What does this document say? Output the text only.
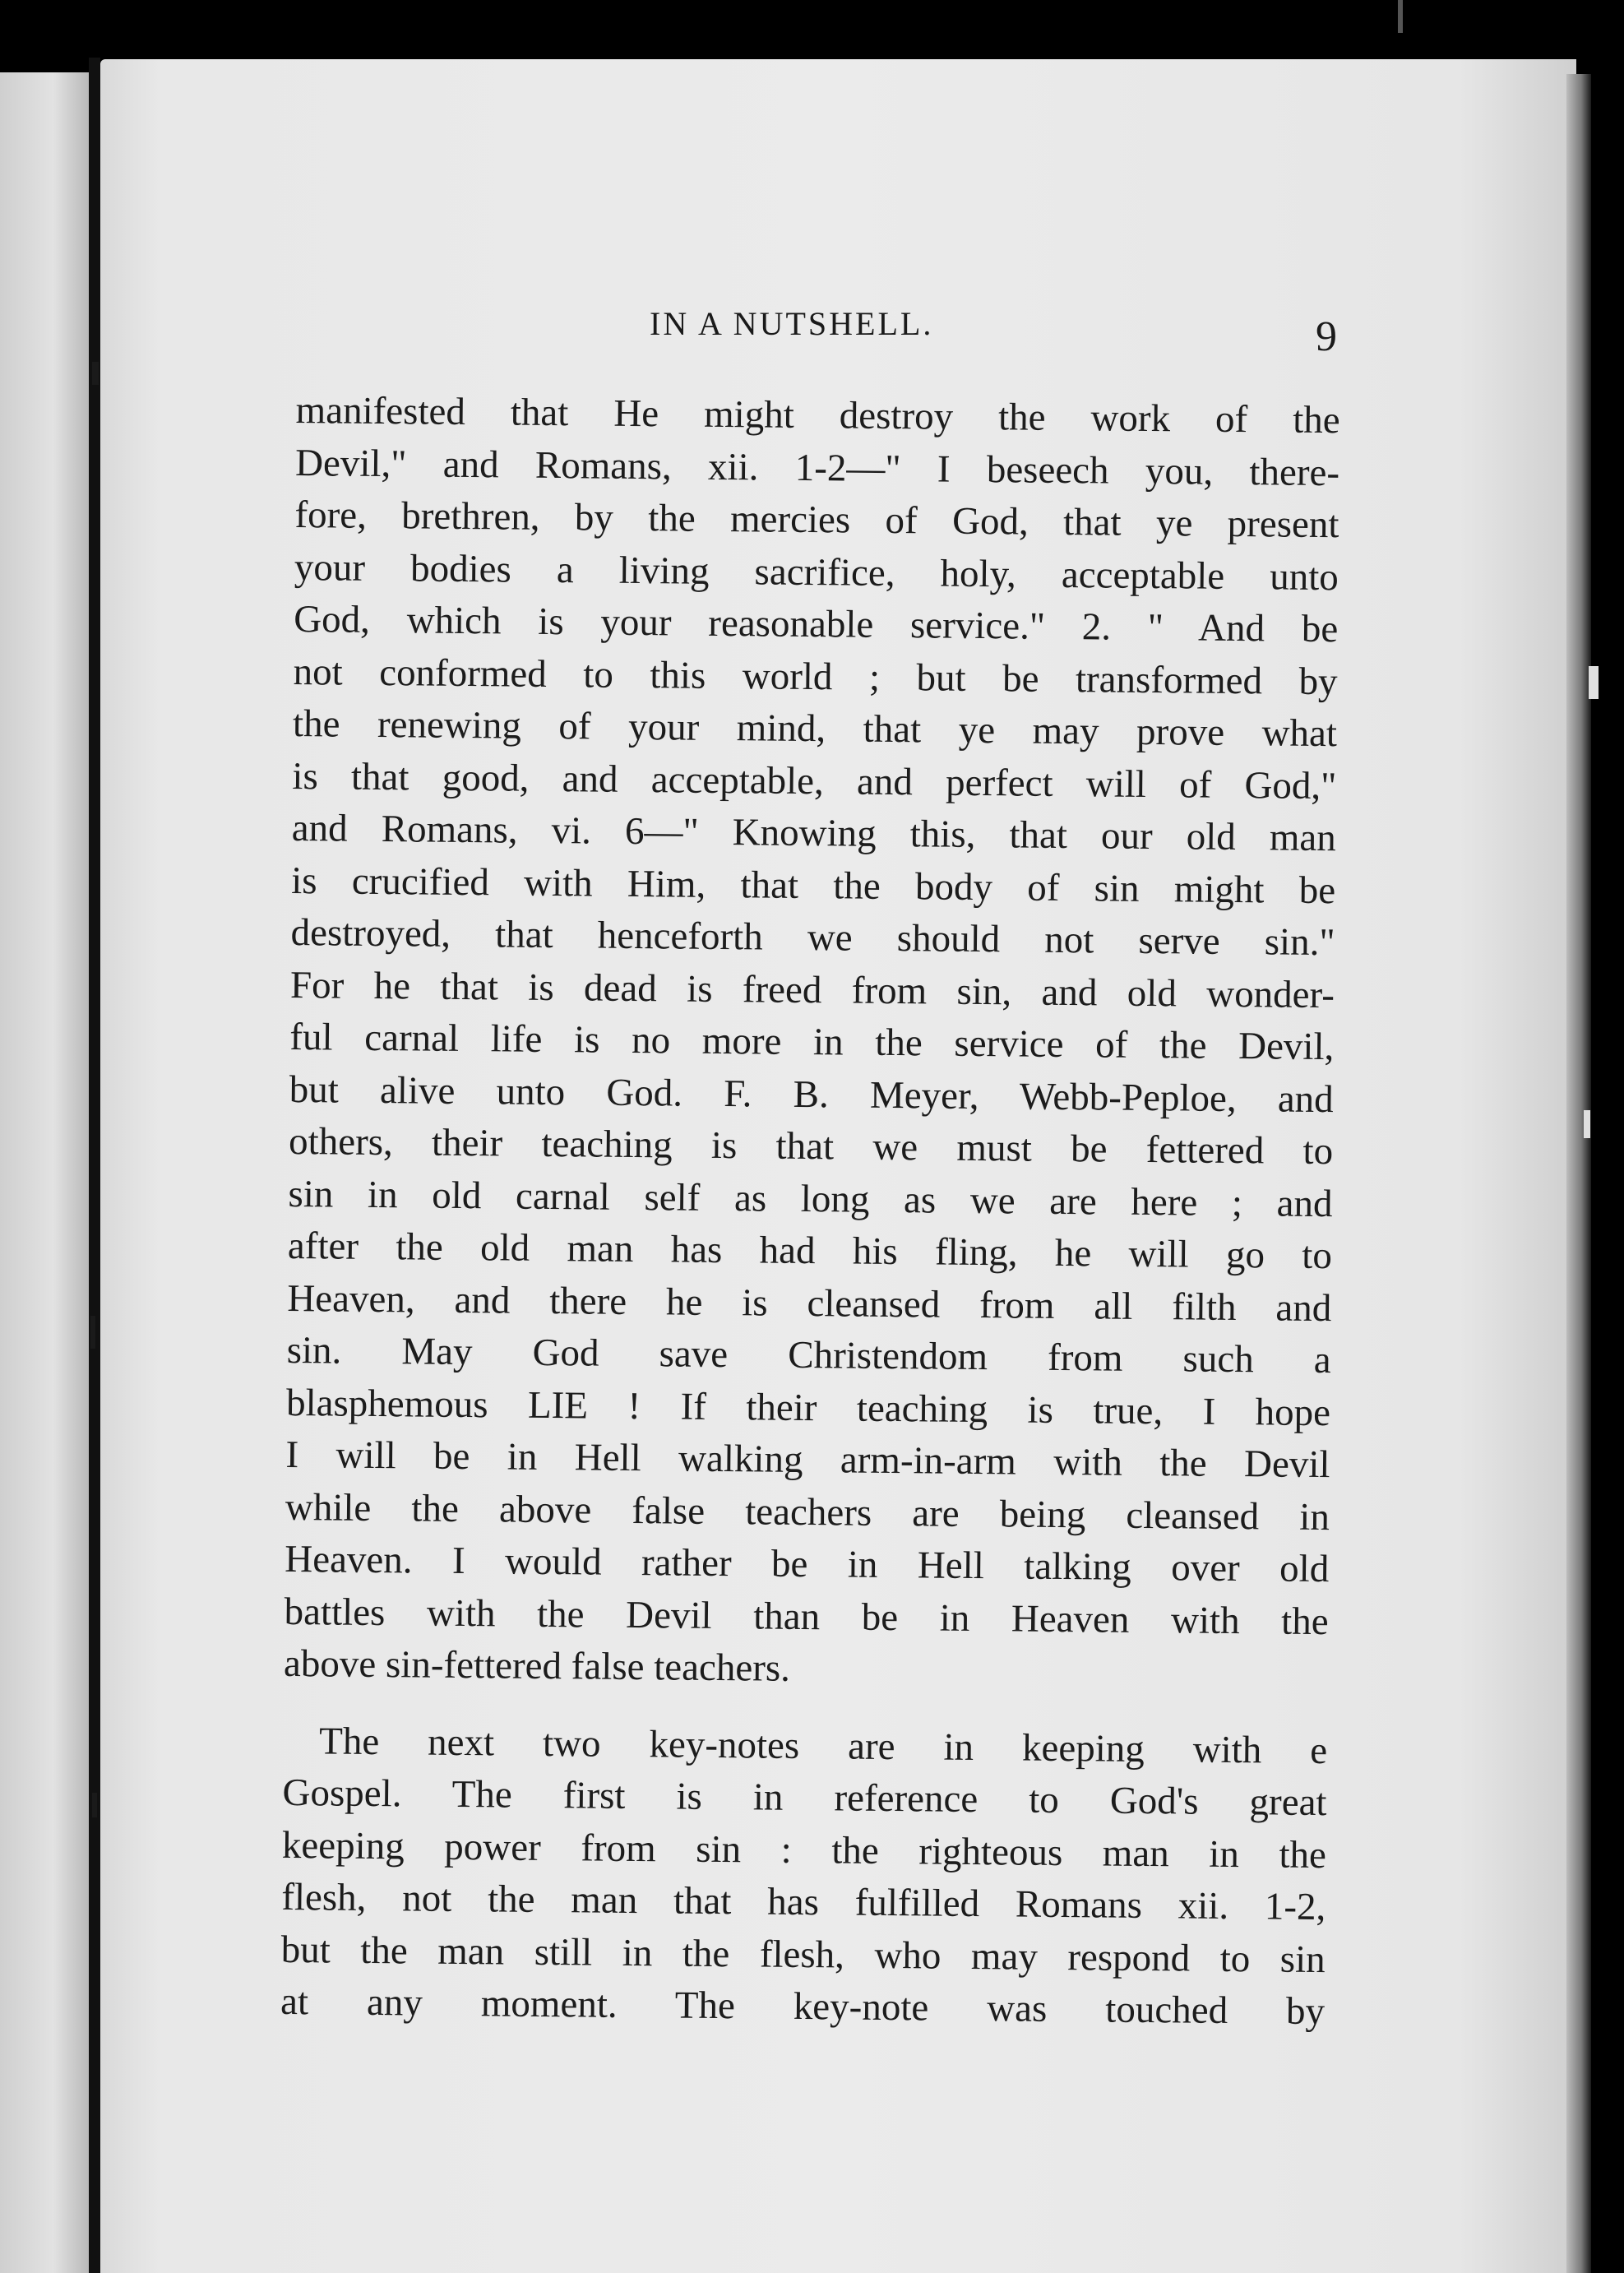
IN A NUTSHELL.	9
manifested that He might destroy the work of the
Devil," and Romans, xii. 1-2—" I beseech you, there-
fore, brethren, by the mercies of God, that ye present
your bodies a living sacrifice, holy, acceptable unto
God, which is your reasonable service." 2. " And be
not conformed to this world ; but be transformed by
the renewing of your mind, that ye may prove what
is that good, and acceptable, and perfect will of God,"
and Romans, vi. 6—" Knowing this, that our old man
is crucified with Him, that the body of sin might be
destroyed, that henceforth we should not serve sin."
For he that is dead is freed from sin, and old wonder-
ful carnal life is no more in the service of the Devil,
but alive unto God. F. B. Meyer, Webb-Peploe, and
others, their teaching is that we must be fettered to
sin in old carnal self as long as we are here ; and
after the old man has had his fling, he will go to
Heaven, and there he is cleansed from all filth and
sin. May God save Christendom from such a
blasphemous LIE ! If their teaching is true, I hope
I will be in Hell walking arm-in-arm with the Devil
while the above false teachers are being cleansed in
Heaven. I would rather be in Hell talking over old
battles with the Devil than be in Heaven with the
above sin-fettered false teachers.
The next two key-notes are in keeping with e
Gospel. The first is in reference to God's great
keeping power from sin : the righteous man in the
flesh, not the man that has fulfilled Romans xii. 1-2,
but the man still in the flesh, who may respond to sin
at any moment. The key-note was touched by
